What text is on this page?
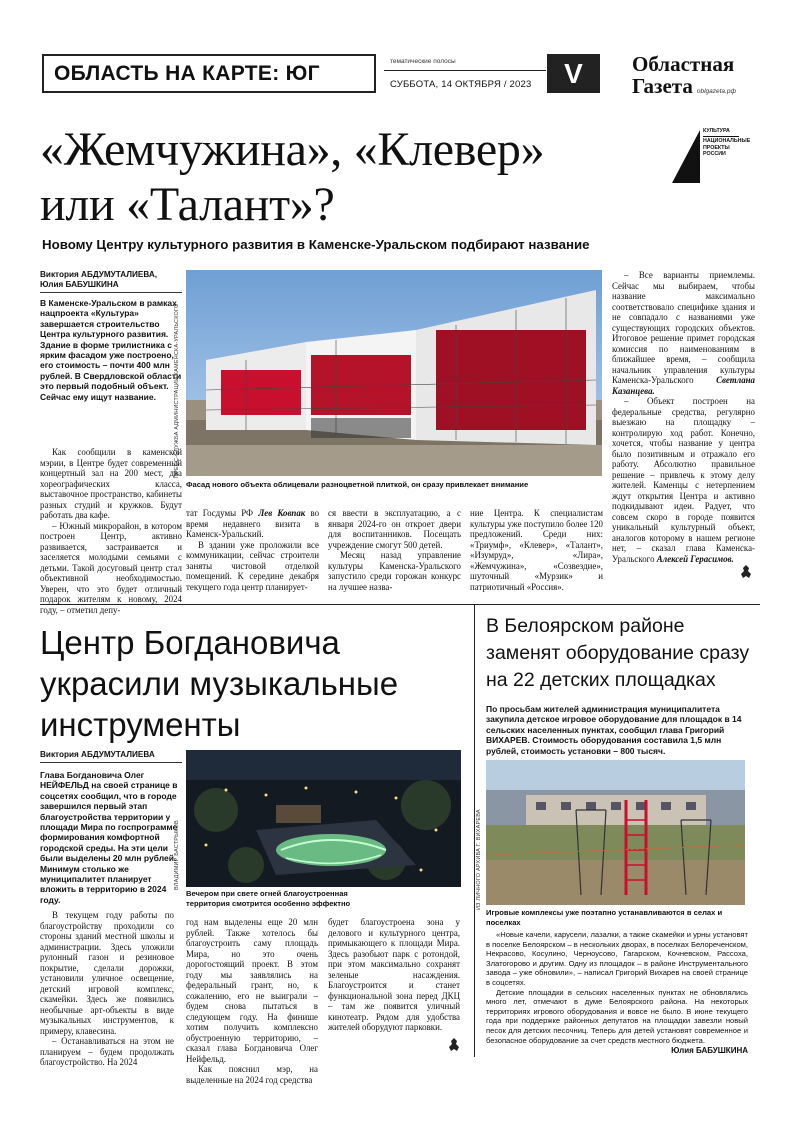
ОБЛАСТЬ НА КАРТЕ: ЮГ
тематические полосы
СУББОТА, 14 ОКТЯБРЯ / 2023	V	Областная
Газета oblgazeta.рф
КУЛЬТУРА
НАЦИОНАЛЬНЫЕ
ПРОЕКТЫ
РОССИИ
«Жемчужина», «Клевер»
или «Талант»?
Новому Центру культурного развития в Каменске-Уральском подбирают название
Виктория АБДУМУТАЛИЕВА,
Юлия БАБУШКИНА
В Каменске-Уральском в рамках нацпроекта «Культура» завершается строительство Центра культурного развития. Здание в форме трилистника с ярким фасадом уже построено, его стоимость – почти 400 млн рублей. В Свердловской области это первый подобный объект. Сейчас ему ищут название.

Как сообщили в каменской мэрии, в Центре будет современный концертный зал на 200 мест, два хореографических класса, выставочное пространство, кабинеты разных студий и кружков. Будут работать два кафе.

– Южный микрорайон, в котором построен Центр, активно развивается, застраивается и заселяется молодыми семьями с детьми. Такой досуговый центр стал объективной необходимостью. Уверен, что это будет отличный подарок жителям к новому, 2024 году, – отметил депу-

ПРЕСС-СЛУЖБА АДМИНИСТРАЦИИ КАМЕНСКА-УРАЛЬСКОГО
Фасад нового объекта облицевали разноцветной плиткой, он сразу привлекает внимание

тат Госдумы РФ Лев Ковпак во время недавнего визита в Каменск-Уральский.

В здании уже проложили все коммуникации, сейчас строители заняты чистовой отделкой помещений. К середине декабря текущего года центр планирует-

ся ввести в эксплуатацию, а с января 2024-го он откроет двери для воспитанников. Посещать учреждение смогут 500 детей.

Месяц назад управление культуры Каменска-Уральского запустило среди горожан конкурс на лучшее назва-

ние Центра. К специалистам культуры уже поступило более 120 предложений. Среди них: «Триумф», «Клевер», «Талант», «Изумруд», «Лира», «Жемчужина», «Созвездие», шуточный «Мурзик» и патриотичный «Россия».

– Все варианты приемлемы. Сейчас мы выбираем, чтобы название максимально соответствовало специфике здания и не совпадало с названиями уже существующих городских объектов. Итоговое решение примет городская комиссия по наименованиям в ближайшее время, – сообщила начальник управления культуры Каменска-Уральского	Светлана Казанцева.

– Объект построен на федеральные средства, регулярно выезжаю на площадку – контролирую ход работ. Конечно, хочется, чтобы название у центра было позитивным и отражало его работу. Абсолютно правильное решение – привлечь к этому делу жителей. Каменцы с нетерпением ждут открытия Центра и активно подкидывают идеи. Радует, что совсем скоро в городе появится уникальный культурный объект, аналогов которому в нашем регионе нет, – сказал глава Каменска-Уральского Алексей Герасимов.

Центр Богдановича
украсили музыкальные
инструменты
Виктория АБДУМУТАЛИЕВА
Глава Богдановича Олег НЕЙФЕЛЬД на своей странице в соцсетях сообщил, что в городе завершился первый этап благоустройства территории у площади Мира по госпрограмме формирования комфортной городской среды. На эти цели были выделены 20 млн рублей. Минимум столько же муниципалитет планирует вложить в территорию в 2024 году.

В текущем году работы по благоустройству проходили со стороны зданий местной школы и администрации. Здесь уложили рулонный газон и резиновое покрытие, сделали дорожки, установили уличное освещение, детский игровой комплекс, скамейки. Здесь же появились необычные арт-объекты в виде музыкальных инструментов, к примеру, клавесина.

– Останавливаться на этом не планируем – будем продолжать благоустройство. На 2024

ВЛАДИМИР БАСТРЫКОВ
Вечером при свете огней благоустроенная территория смотрится особенно эффектно

год нам выделены еще 20 млн рублей. Также хотелось бы благоустроить саму площадь Мира, но это очень дорогостоящий проект. В этом году мы заявлялись на федеральный грант, но, к сожалению, его не выиграли – будем снова пытаться в следующем году. На финише хотим получить комплексно обустроенную территорию, – сказал глава Богдановича Олег Нейфельд.

Как пояснил мэр, на выделенные на 2024 год средства

будет благоустроена зона у делового и культурного центра, примыкающего к площади Мира. Здесь разобьют парк с ротондой, при этом максимально сохранят зеленые насаждения. Благоустроится и станет функциональной зона перед ДКЦ – там же появится уличный кинотеатр. Рядом для удобства жителей оборудуют парковки.

В Белоярском районе
заменят оборудование сразу
на 22 детских площадках
По просьбам жителей администрация муниципалитета закупила детское игровое оборудование для площадок в 14 сельских населенных пунктах, сообщил глава Григорий ВИХАРЕВ. Стоимость оборудования составила 1,5 млн рублей, стоимость установки – 800 тысяч.
ИЗ ЛИЧНОГО АРХИВА Г. ВИХАРЕВА
Игровые комплексы уже поэтапно устанавливаются в селах и поселках

«Новые качели, карусели, лазалки, а также скамейки и урны установят в поселке Белоярском – в нескольких дворах, в поселках Белореченском, Некрасово, Косулино, Черноусово, Гагарском, Кочневском, Рассоха, Златогорово и другим. Одну из площадок – в районе Инструментального завода – уже обновили», – написал Григорий Вихарев на своей странице в соцсетях.

Детские площадки в сельских населенных пунктах не обновлялись много лет, отмечают в думе Белоярского района. На некоторых территориях игрового оборудования и вовсе не было. В июне текущего года при поддержке районных депутатов на площадки завезли новый песок для детских песочниц. Теперь для детей установят современное и безопасное оборудование за счет средств местного бюджета.

Юлия БАБУШКИНА
